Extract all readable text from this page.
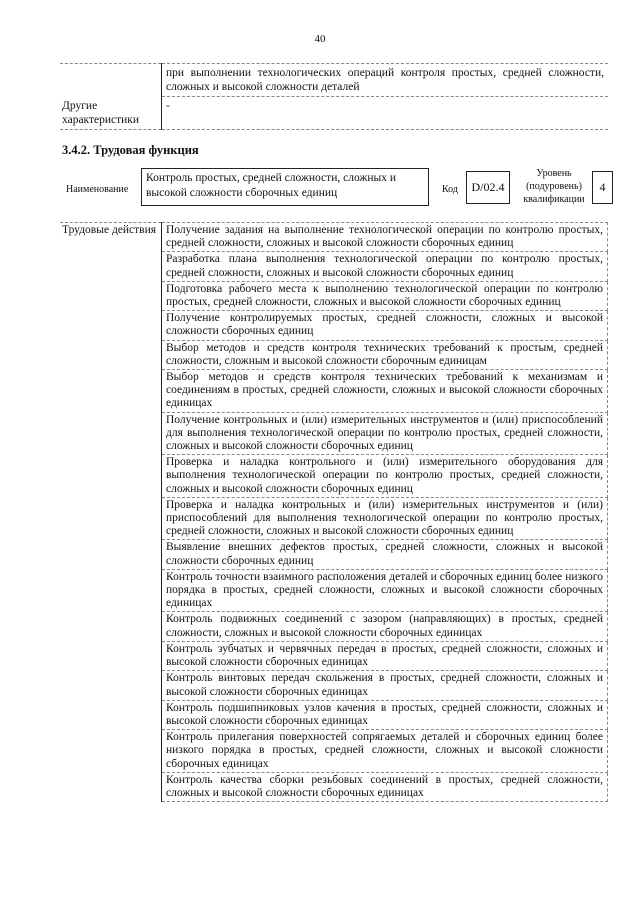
40
	при выполнении технологических операций контроля простых, средней сложности, сложных и высокой сложности деталей
Другие характеристики	-
3.4.2. Трудовая функция
Наименование
Контроль простых, средней сложности, сложных и высокой сложности сборочных единиц	Код	D/02.4
Уровень (подуровень) квалификации
4
Трудовые действия	Получение задания на выполнение технологической операции по контролю простых, средней сложности, сложных и высокой сложности сборочных единиц
Разработка плана выполнения технологической операции по контролю простых, средней сложности, сложных и высокой сложности сборочных единиц
Подготовка рабочего места к выполнению технологической операции по контролю простых, средней сложности, сложных и высокой сложности сборочных единиц
Получение контролируемых простых, средней сложности, сложных и высокой сложности сборочных единиц
Выбор методов и средств контроля технических требований к простым, средней сложности, сложным и высокой сложности сборочным единицам
Выбор методов и средств контроля технических требований к механизмам и соединениям в простых, средней сложности, сложных и высокой сложности сборочных единицах
Получение контрольных и (или) измерительных инструментов и (или) приспособлений для выполнения технологической операции по контролю простых, средней сложности, сложных и высокой сложности сборочных единиц
Проверка и наладка контрольного и (или) измерительного оборудования для выполнения технологической операции по контролю простых, средней сложности, сложных и высокой сложности сборочных единиц
Проверка и наладка контрольных и (или) измерительных инструментов и (или) приспособлений для выполнения технологической операции по контролю простых, средней сложности, сложных и высокой сложности сборочных единиц
Выявление внешних дефектов простых, средней сложности, сложных и высокой сложности сборочных единиц
Контроль точности взаимного расположения деталей и сборочных единиц более низкого порядка в простых, средней сложности, сложных и высокой сложности сборочных единицах
Контроль подвижных соединений с зазором (направляющих) в простых, средней сложности, сложных и высокой сложности сборочных единицах
Контроль зубчатых и червячных передач в простых, средней сложности, сложных и высокой сложности сборочных единицах
Контроль винтовых передач скольжения в простых, средней сложности, сложных и высокой сложности сборочных единицах
Контроль подшипниковых узлов качения в простых, средней сложности, сложных и высокой сложности сборочных единицах
Контроль прилегания поверхностей сопрягаемых деталей и сборочных единиц более низкого порядка в простых, средней сложности, сложных и высокой сложности сборочных единицах
Контроль качества сборки резьбовых соединений в простых, средней сложности, сложных и высокой сложности сборочных единицах
